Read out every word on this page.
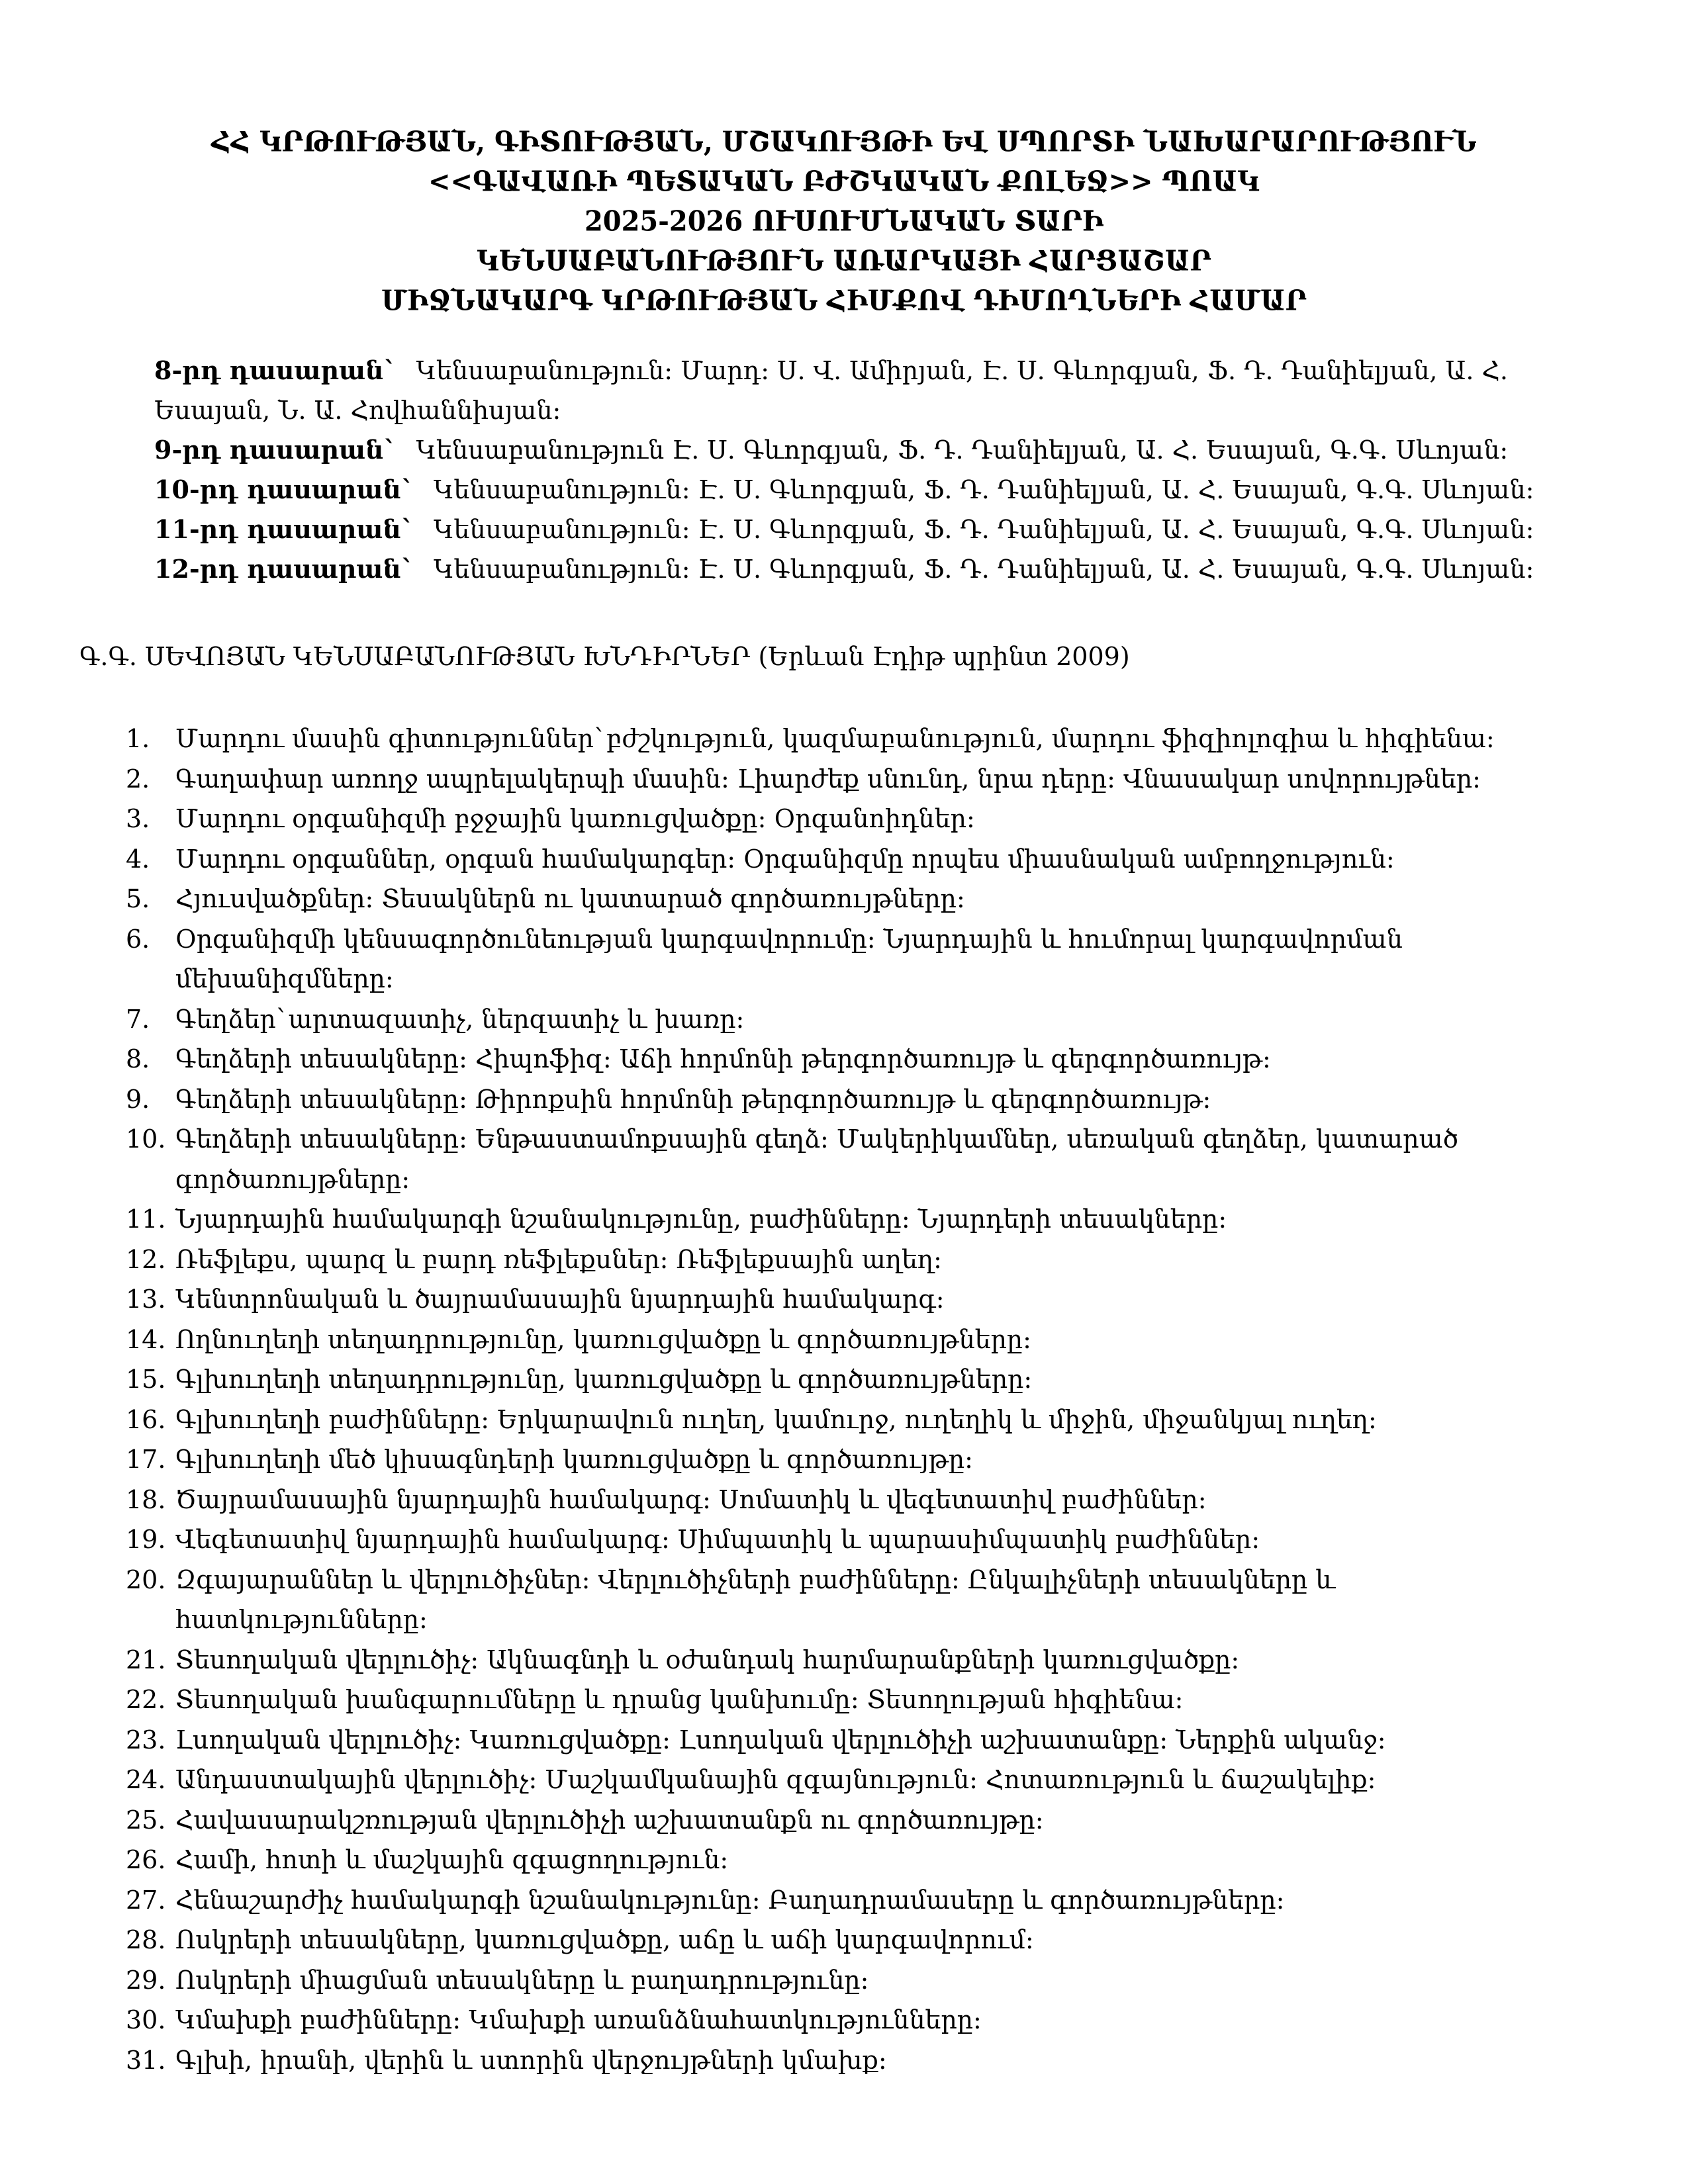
ՀՀ ԿՐԹՈՒԹՅԱՆ, ԳԻՏՈՒԹՅԱՆ, ՄՇԱԿՈՒՅԹԻ ԵՎ ՍՊՈՐՏԻ ՆԱԽԱՐԱՐՈՒԹՅՈՒՆ
<<ԳԱՎԱՌԻ ՊԵՏԱԿԱՆ ԲԺՇԿԱԿԱՆ ՔՈԼԵՋ>> ՊՈԱԿ
2025-2026 ՈՒՍՈՒՄՆԱԿԱՆ ՏԱՐԻ
ԿԵՆՍԱԲԱՆՈՒԹՅՈՒՆ ԱՌԱՐԿԱՅԻ ՀԱՐՑԱՇԱՐ
ՄԻՋՆԱԿԱՐԳ ԿՐԹՈՒԹՅԱՆ ՀԻՄՔՈՎ ԴԻՄՈՂՆԵՐԻ ՀԱՄԱՐ
8-րդ դասարան` Կենսաբանություն: Մարդ: Ս. Վ. Ամիրյան, Է. Ս. Գևորգյան, Ֆ. Դ. Դանիելյան, Ա. Հ.
Եսայան, Ն. Ա. Հովհաննիսյան:
9-րդ դասարան` Կենսաբանություն Է. Ս. Գևորգյան, Ֆ. Դ. Դանիելյան, Ա. Հ. Եսայան, Գ.Գ. Սևոյան:
10-րդ դասարան` Կենսաբանություն: Է. Ս. Գևորգյան, Ֆ. Դ. Դանիելյան, Ա. Հ. Եսայան, Գ.Գ. Սևոյան:
11-րդ դասարան` Կենսաբանություն: Է. Ս. Գևորգյան, Ֆ. Դ. Դանիելյան, Ա. Հ. Եսայան, Գ.Գ. Սևոյան:
12-րդ դասարան` Կենսաբանություն: Է. Ս. Գևորգյան, Ֆ. Դ. Դանիելյան, Ա. Հ. Եսայան, Գ.Գ. Սևոյան:
Գ.Գ. ՍԵՎՈՅԱՆ ԿԵՆՍԱԲԱՆՈՒԹՅԱՆ ԽՆԴԻՐՆԵՐ (Երևան Էդիթ պրինտ 2009)
1.	Մարդու մասին գիտություններ`բժշկություն, կազմաբանություն, մարդու ֆիզիոլոգիա և հիգիենա:
2.	Գաղափար առողջ ապրելակերպի մասին: Լիարժեք սնունդ, նրա դերը: Վնասակար սովորույթներ:
3.	Մարդու օրգանիզմի բջջային կառուցվածքը: Օրգանոիդներ:
4.	Մարդու օրգաններ, օրգան համակարգեր: Օրգանիզմը որպես միասնական ամբողջություն:
5.	Հյուսվածքներ: Տեսակներն ու կատարած գործառույթները:
6.	Օրգանիզմի կենսագործունեության կարգավորումը: Նյարդային և հումորալ կարգավորման մեխանիզմները:
7.	Գեղձեր`արտազատիչ, ներզատիչ և խառը:
8.	Գեղձերի տեսակները: Հիպոֆիզ: Աճի հորմոնի թերգործառույթ և գերգործառույթ:
9.	Գեղձերի տեսակները: Թիրոքսին հորմոնի թերգործառույթ և գերգործառույթ:
10. Գեղձերի տեսակները: Ենթաստամոքսային գեղձ: Մակերիկամներ, սեռական գեղձեր, կատարած գործառույթները:
11. Նյարդային համակարգի նշանակությունը, բաժինները: Նյարդերի տեսակները:
12. Ռեֆլեքս, պարզ և բարդ ռեֆլեքսներ: Ռեֆլեքսային աղեղ:
13. Կենտրոնական և ծայրամասային նյարդային համակարգ:
14. Ողնուղեղի տեղադրությունը, կառուցվածքը և գործառույթները:
15. Գլխուղեղի տեղադրությունը, կառուցվածքը և գործառույթները:
16. Գլխուղեղի բաժինները: Երկարավուն ուղեղ, կամուրջ, ուղեղիկ և միջին, միջանկյալ ուղեղ:
17. Գլխուղեղի մեծ կիսագնդերի կառուցվածքը և գործառույթը:
18. Ծայրամասային նյարդային համակարգ: Սոմատիկ և վեգետատիվ բաժիններ:
19. Վեգետատիվ նյարդային համակարգ: Սիմպատիկ և պարասիմպատիկ բաժիններ:
20. Զգայարաններ և վերլուծիչներ: Վերլուծիչների բաժինները: Ընկալիչների տեսակները և հատկությունները:
21. Տեսողական վերլուծիչ: Ակնագնդի և օժանդակ հարմարանքների կառուցվածքը:
22. Տեսողական խանգարումները և դրանց կանխումը: Տեսողության հիգիենա:
23. Լսողական վերլուծիչ: Կառուցվածքը: Լսողական վերլուծիչի աշխատանքը: Ներքին ականջ:
24. Անդաստակային վերլուծիչ: Մաշկամկանային զգայնություն: Հոտառություն և ճաշակելիք:
25. Հավասարակշռության վերլուծիչի աշխատանքն ու գործառույթը:
26. Համի, հոտի և մաշկային զգացողություն:
27. Հենաշարժիչ համակարգի նշանակությունը: Բաղադրամասերը և գործառույթները:
28. Ոսկրերի տեսակները, կառուցվածքը, աճը և աճի կարգավորում:
29. Ոսկրերի միացման տեսակները և բաղադրությունը:
30. Կմախքի բաժինները: Կմախքի առանձնահատկությունները:
31. Գլխի, իրանի, վերին և ստորին վերջույթների կմախք:
